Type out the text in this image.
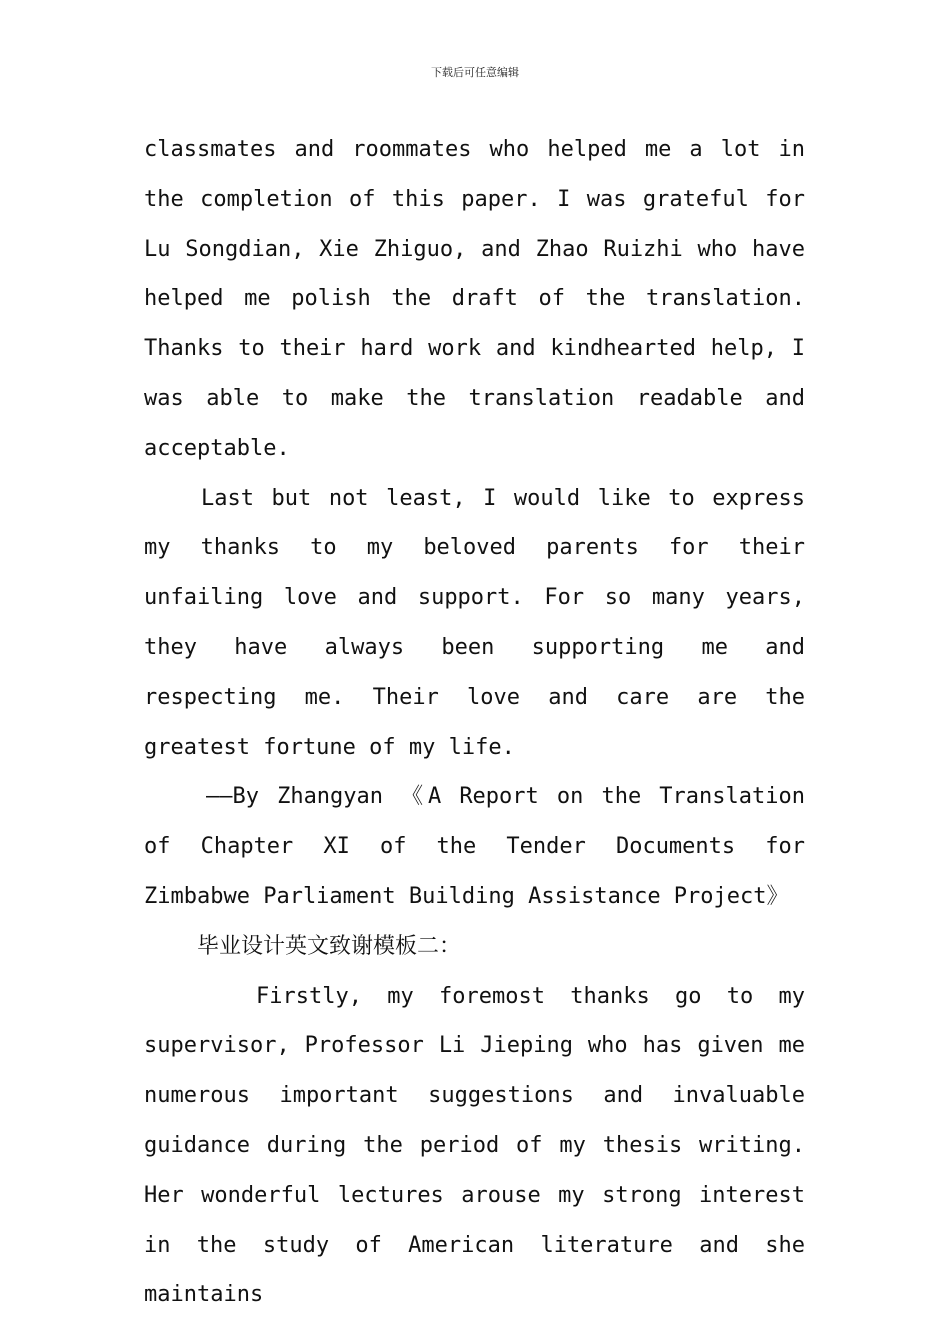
下载后可任意编辑

classmates and roommates who helped me a lot in the completion of this paper. I was grateful for Lu Songdian, Xie Zhiguo, and Zhao Ruizhi who have helped me polish the draft of the translation. Thanks to their hard work and kindhearted help, I was able to make the translation readable and acceptable.

Last but not least, I would like to express my thanks to my beloved parents for their unfailing love and support. For so many years, they have always been supporting me and respecting me. Their love and care are the greatest fortune of my life.

——By Zhangyan 《A Report on the Translation of Chapter XI of the Tender Documents for Zimbabwe Parliament Building Assistance Project》

毕业设计英文致谢模板二：

Firstly, my foremost thanks go to my supervisor, Professor Li Jieping who has given me numerous important suggestions and invaluable guidance during the period of my thesis writing. Her wonderful lectures arouse my strong interest in the study of American literature and she maintains
